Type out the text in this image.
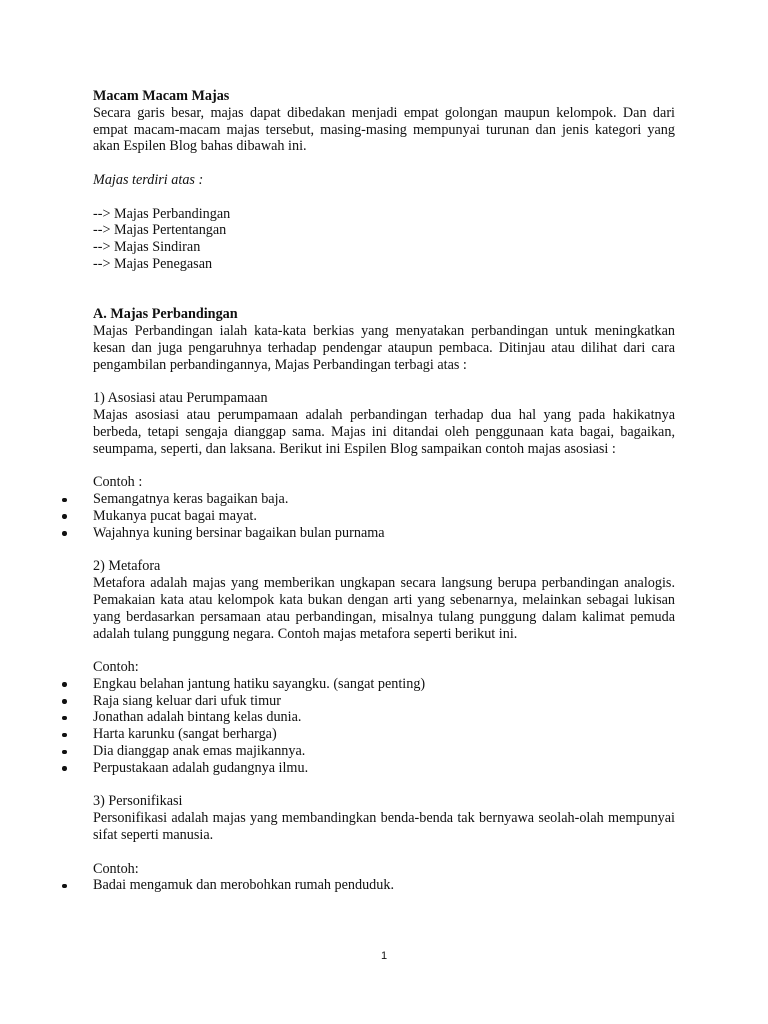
Macam Macam Majas

Secara garis besar, majas dapat dibedakan menjadi empat golongan maupun kelompok. Dan dari empat macam-macam majas tersebut, masing-masing mempunyai turunan dan jenis kategori yang akan Espilen Blog bahas dibawah ini.

Majas terdiri atas :

--> Majas Perbandingan

--> Majas Pertentangan

--> Majas Sindiran

--> Majas Penegasan

A. Majas Perbandingan

Majas Perbandingan ialah kata-kata berkias yang menyatakan perbandingan untuk meningkatkan kesan dan juga pengaruhnya terhadap pendengar ataupun pembaca. Ditinjau atau dilihat dari cara pengambilan perbandingannya, Majas Perbandingan terbagi atas :

1) Asosiasi atau Perumpamaan

Majas asosiasi atau perumpamaan adalah perbandingan terhadap dua hal yang pada hakikatnya berbeda, tetapi sengaja dianggap sama. Majas ini ditandai oleh penggunaan kata bagai, bagaikan, seumpama, seperti, dan laksana. Berikut ini Espilen Blog sampaikan contoh majas asosiasi :

Contoh :

Semangatnya keras bagaikan baja.
Mukanya pucat bagai mayat.
Wajahnya kuning bersinar bagaikan bulan purnama

2) Metafora

Metafora adalah majas yang memberikan ungkapan secara langsung berupa perbandingan analogis. Pemakaian kata atau kelompok kata bukan dengan arti yang sebenarnya, melainkan sebagai lukisan yang berdasarkan persamaan atau perbandingan, misalnya tulang punggung dalam kalimat pemuda adalah tulang punggung negara. Contoh majas metafora seperti berikut ini.

Contoh:

Engkau belahan jantung hatiku sayangku. (sangat penting)
Raja siang keluar dari ufuk timur
Jonathan adalah bintang kelas dunia.
Harta karunku (sangat berharga)
Dia dianggap anak emas majikannya.
Perpustakaan adalah gudangnya ilmu.

3) Personifikasi

Personifikasi adalah majas yang membandingkan benda-benda tak bernyawa seolah-olah mempunyai sifat seperti manusia.

Contoh:

Badai mengamuk dan merobohkan rumah penduduk.
1
